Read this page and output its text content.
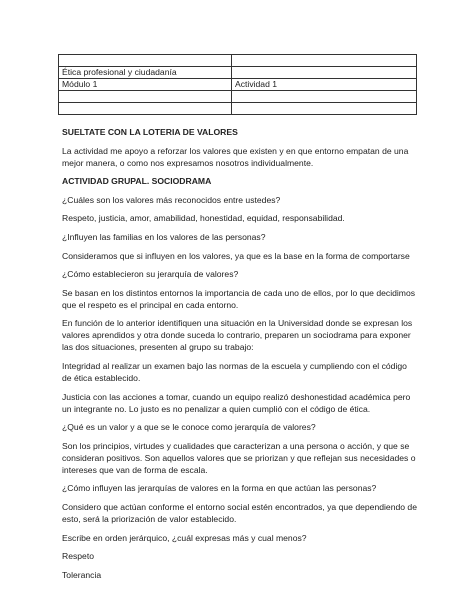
Ética profesional y ciudadanía	
Módulo 1	Actividad 1

SUELTATE CON LA LOTERIA DE VALORES

La actividad me apoyo a reforzar los valores que existen y en que entorno empatan de una mejor manera, o como nos expresamos nosotros individualmente.

ACTIVIDAD GRUPAL. SOCIODRAMA

¿Cuáles son los valores más reconocidos entre ustedes?

Respeto, justicia, amor, amabilidad, honestidad, equidad, responsabilidad.

¿Influyen las familias en los valores de las personas?

Consideramos que si influyen en los valores, ya que es la base en la forma de comportarse

¿Cómo establecieron su jerarquía de valores?

Se basan en los distintos entornos la importancia de cada uno de ellos, por lo que decidimos que el respeto es el principal en cada entorno.

En función de lo anterior identifiquen una situación en la Universidad donde se expresan los valores aprendidos y otra donde suceda lo contrario, preparen un sociodrama para exponer las dos situaciones, presenten al grupo su trabajo:

Integridad al realizar un examen bajo las normas de la escuela y cumpliendo con el código de ética establecido.

Justicia con las acciones a tomar, cuando un equipo realizó deshonestidad académica pero un integrante no. Lo justo es no penalizar a quien cumplió con el código de ética.

¿Qué es un valor y a que se le conoce como jerarquía de valores?

Son los principios, virtudes y cualidades que caracterizan a una persona o acción, y que se consideran positivos. Son aquellos valores que se priorizan y que reflejan sus necesidades o intereses que van de forma de escala.

¿Cómo influyen las jerarquías de valores en la forma en que actúan las personas?

Considero que actúan conforme el entorno social estén encontrados, ya que dependiendo de esto, será la priorización de valor establecido.

Escribe en orden jerárquico, ¿cuál expresas más y cual menos?

Respeto

Tolerancia
